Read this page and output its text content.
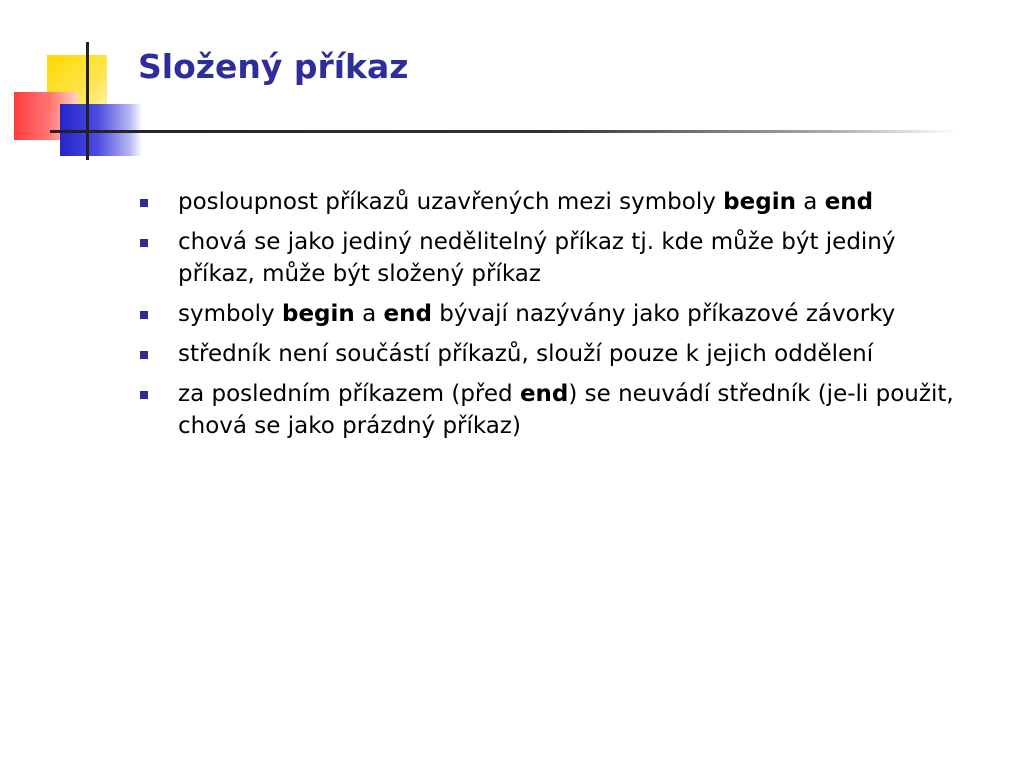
Složený příkaz
posloupnost příkazů uzavřených mezi symboly begin a end
chová se jako jediný nedělitelný příkaz tj. kde může být jediný příkaz, může být složený příkaz
symboly begin a end bývají nazývány jako příkazové závorky
středník není součástí příkazů, slouží pouze k jejich oddělení
za posledním příkazem (před end) se neuvádí středník (je-li použit, chová se jako prázdný příkaz)
